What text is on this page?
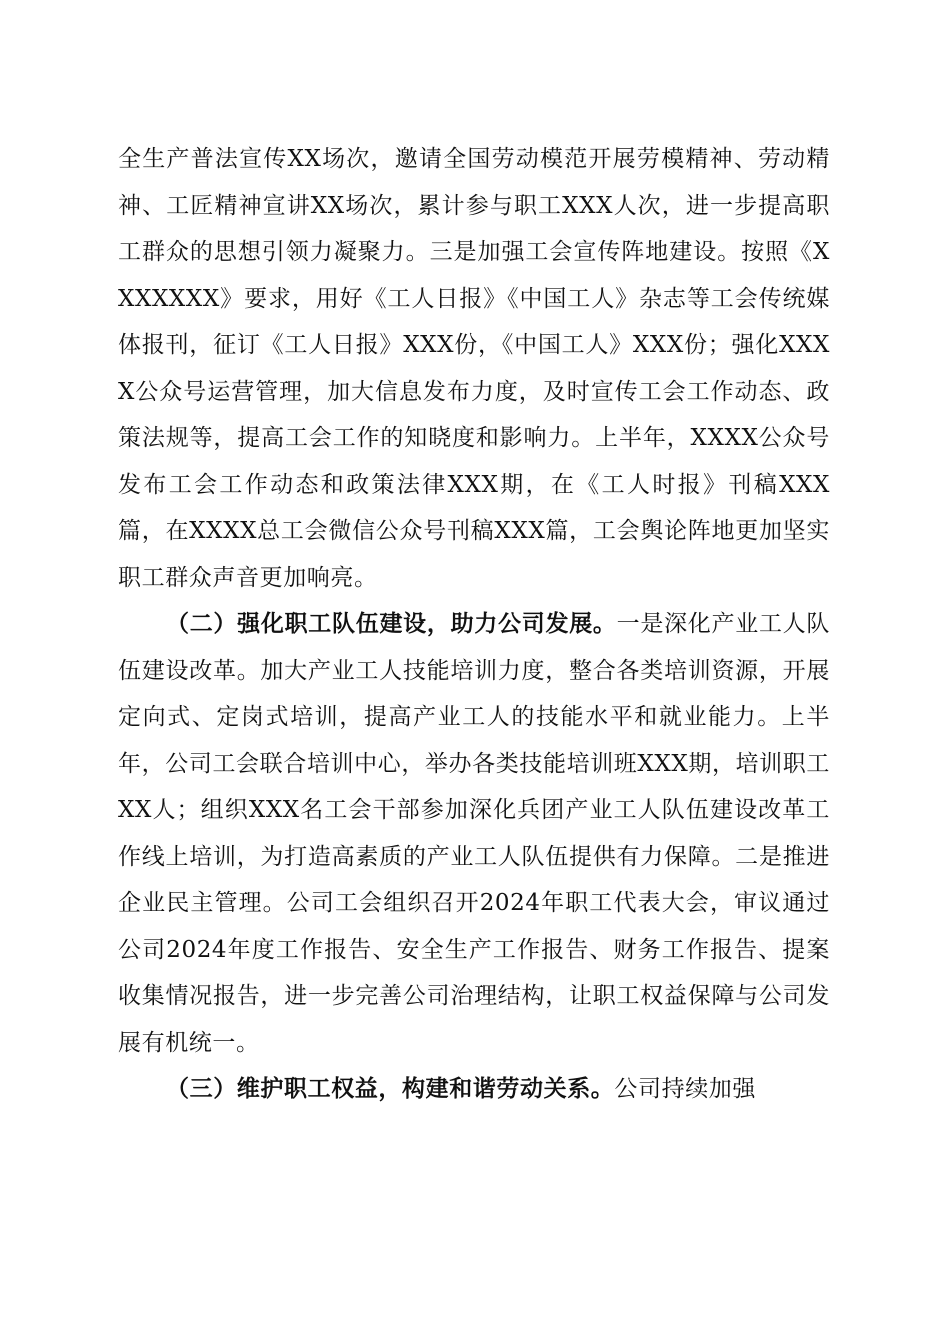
全生产普法宣传XX场次，邀请全国劳动模范开展劳模精神、劳动精神、工匠精神宣讲XX场次，累计参与职工XXX人次，进一步提高职工群众的思想引领力凝聚力。三是加强工会宣传阵地建设。按照《XXXXXXX》要求，用好《工人日报》《中国工人》杂志等工会传统媒体报刊，征订《工人日报》XXX份，《中国工人》XXX份；强化XXXX公众号运营管理，加大信息发布力度，及时宣传工会工作动态、政策法规等，提高工会工作的知晓度和影响力。上半年，XXXX公众号发布工会工作动态和政策法律XXX期，在《工人时报》刊稿XXX篇，在XXXX总工会微信公众号刊稿XXX篇，工会舆论阵地更加坚实职工群众声音更加响亮。

（二）强化职工队伍建设，助力公司发展。一是深化产业工人队伍建设改革。加大产业工人技能培训力度，整合各类培训资源，开展定向式、定岗式培训，提高产业工人的技能水平和就业能力。上半年，公司工会联合培训中心，举办各类技能培训班XXX期，培训职工XX人；组织XXX名工会干部参加深化兵团产业工人队伍建设改革工作线上培训，为打造高素质的产业工人队伍提供有力保障。二是推进企业民主管理。公司工会组织召开2024年职工代表大会，审议通过公司2024年度工作报告、安全生产工作报告、财务工作报告、提案收集情况报告，进一步完善公司治理结构，让职工权益保障与公司发展有机统一。

（三）维护职工权益，构建和谐劳动关系。公司持续加强
